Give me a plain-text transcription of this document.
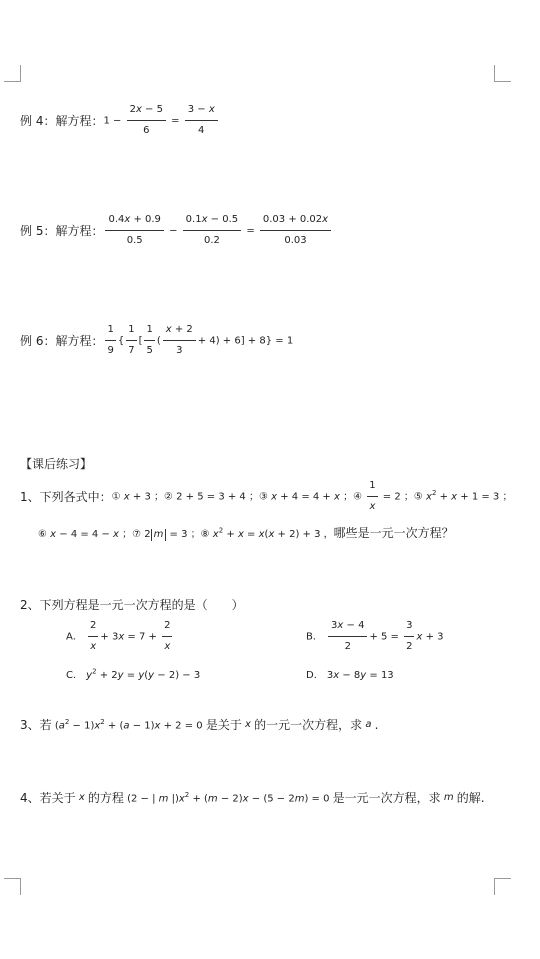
例 4：解方程： $1 - \frac{2x - 5}{6} = \frac{3 - x}{4}$
例 5：解方程： $\frac{0.4x + 0.9}{0.5} - \frac{0.1x - 0.5}{0.2} = \frac{0.03 + 0.02x}{0.03}$
例 6：解方程： $\frac{1}{9}$ { $\frac{1}{7}$ [ $\frac{1}{5}$ ( $\frac{x + 2}{3} + 4) + 6] + 8\} = 1$
【课后练习】
1、下列各式中： ① x + 3 ；② 2 + 5 = 3 + 4 ；③ x + 4 = 4 + x ；④ $\frac{1}{x} = 2$ ；⑤ $x^2 + x + 1 = 3$ ；
⑥ x − 4 = 4 − x ；⑦ 2 m = 3 ；⑧ $x^2 + x = x(x + 2) + 3$ ， 哪些是一元一次方程？
2、下列方程是一元一次方程的是（　　）
A． $\frac{2}{x} + 3x = 7 + \frac{2}{x}$	B． $\frac{3x - 4}{2} + 5 = \frac{3}{2}$ x + 3
C． $y^2 + 2y = y(y - 2) - 3$	D． 3x − 8y = 13
3、若 $(a^2 - 1)x^2 + (a - 1)x + 2 = 0$ 是关于 x 的一元一次方程，求 a .
4、若关于 x 的方程 (2 − | m $|)x^2 + (m - 2)x - (5 - 2m) = 0$ 是一元一次方程，求 m 的解.
